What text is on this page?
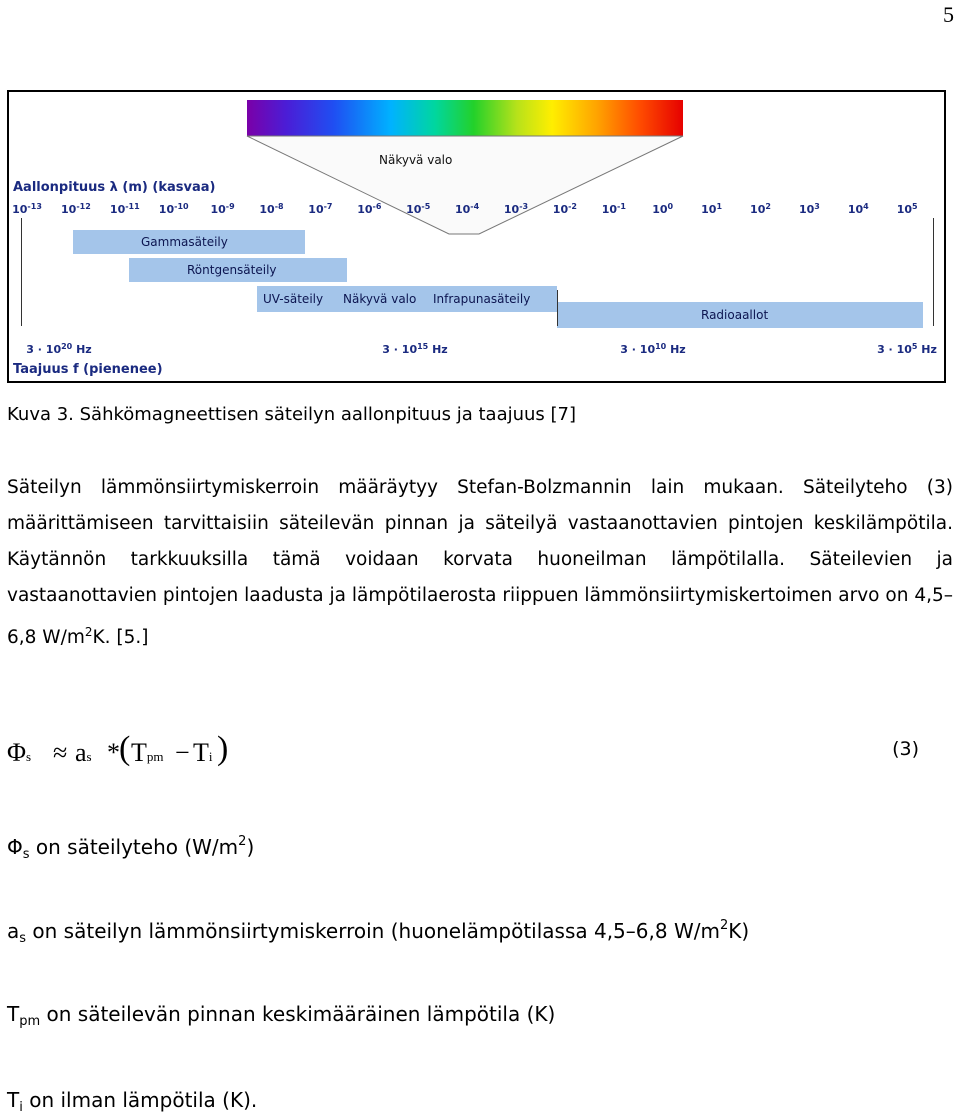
5
Näkyvä valo
Aallonpituus λ (m) (kasvaa)
$10^{-13}$ $10^{-12}$ $10^{-11}$ $10^{-10}$ $10^{-9}$ $10^{-8}$ $10^{-7}$ $10^{-6}$ $10^{-5}$ $10^{-4}$ $10^{-3}$ $10^{-2}$ $10^{-1}$ $10^0$	$10^1$	$10^2$	$10^3$	$10^4$	$10^5$
Gammasäteily
Röntgensäteily
UV-säteily Näkyvä valo Infrapunasäteily
Radioaallot
$3 \cdot 10^{20}$ Hz	$3 \cdot 10^{15}$ Hz	$3 \cdot 10^{10}$ Hz	$3 \cdot 10^5$ Hz
Taajuus f (pienenee)
Kuva 3. Sähkömagneettisen säteilyn aallonpituus ja taajuus [7]

Säteilyn lämmönsiirtymiskerroin määräytyy Stefan-Bolzmannin lain mukaan. Säteilyteho (3) määrittämiseen tarvittaisiin säteilevän pinnan ja säteilyä vastaanottavien pintojen keskilämpötila. Käytännön tarkkuuksilla tämä voidaan korvata huoneilman lämpötilalla. Säteilevien ja vastaanottavien pintojen laadusta ja lämpötilaerosta riippuen lämmönsiirtymiskertoimen arvo on 4,5–6,8 $W/m^2K$. [5.]

Φs ≈ as * ( Tpm − Ti )	(3)
$\Phi_s$ on säteilyteho $(W/m^2)$
$a_s$ on säteilyn lämmönsiirtymiskerroin (huonelämpötilassa 4,5–6,8 $W/m^2K$)
$T_{pm}$ on säteilevän pinnan keskimääräinen lämpötila (K)
$T_i$ on ilman lämpötila (K).
